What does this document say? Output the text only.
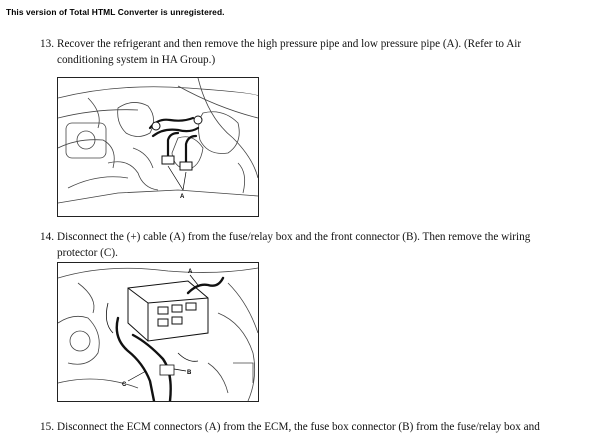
This version of Total HTML Converter is unregistered.
13. Recover the refrigerant and then remove the high pressure pipe and low pressure pipe (A). (Refer to Air
conditioning system in HA Group.)
A
14. Disconnect the (+) cable (A) from the fuse/relay box and the front connector (B). Then remove the wiring
protector (C).
A
B
C
15. Disconnect the ECM connectors (A) from the ECM, the fuse box connector (B) from the fuse/relay box and
